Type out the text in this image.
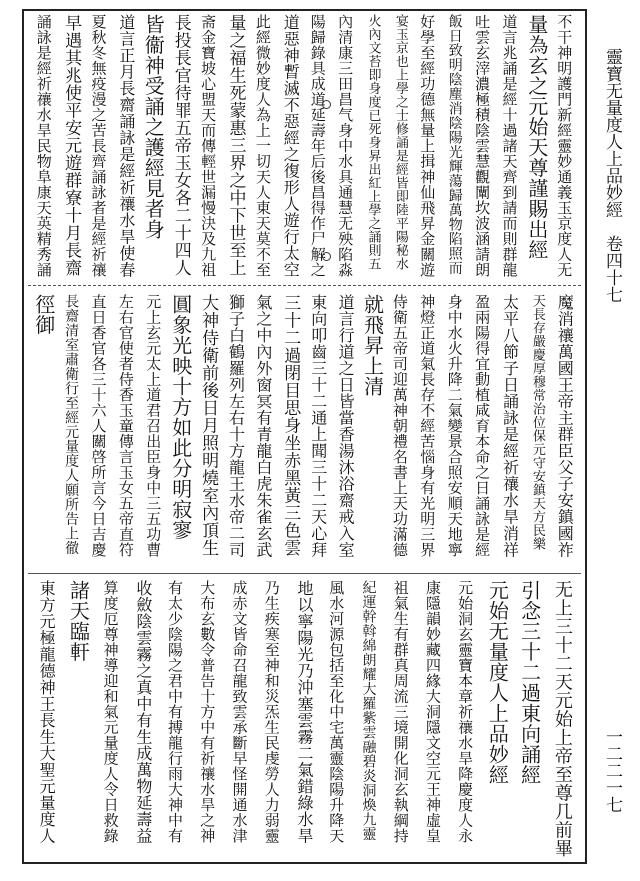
靈寶无量度人上品妙經　卷四十七
一二二一七
不干神明護門新經靈妙通義玉京度人无
量為玄之元始天尊謹賜出經
道言兆誦是經十過諸天齊到請而則群龍
吐雲玄滓濃極積陰雲慧觀闡坎波涵請朗
飯日致明陰塵消陰陽光輝蕩歸萬物陷照而
好學至經功德無量上揖神仙飛昇金關遊
宴玉京也上學之士修誦是經皆即陸平陽秘水
火內文苔即身度已死身昇出紅上學之誦則五
內清康三田昌气身中水具通慧无殃陷淼
陽歸錄具成道延壽年后後昌得作尸解之
道惡神暫滅不惡經之復形人遊行太空
此經微妙度人為上一切天人東天莫不至
量之福生死蒙惠三界之中下世至上
斋金寶坡心盟天而傳輕世漏慢決及九祖
長投長官待罪五帝玉女各二十四人
皆衞神受誦之護經見者身
道言正月長齋誦詠是經祈禳水旱使春
夏秋冬無疫漫之苦長齊誦詠者是經祈禳
早遇其兆使平安元遊群寮十月長齋
誦詠是經祈禳水旱民物阜康天英精秀誦
魔消禳萬國王帝主群臣父子安鎮國祚
天長存嚴慶厚穆常治位保元守安鎮天方民樂
太平八節子日誦詠是經祈禳水旱消祥
盈兩陽得宜動植咸育本命之日誦詠是經
身中水火升降二氣變景合照安順天地寧
神燈正道氣長存不經苦惱身有光明三界
侍衛五帝司迎萬神朝禮名書上天功滿德
就飛昇上清
道言行道之日皆當香湯沐浴齋戒入室
東向叩齒三十二通上聞三十二天心拜
三十二過閉目思身坐赤黑黃三色雲
氣之中內外窗冥有青龍白虎朱雀玄武
獅子白鶴羅列左右十方龍王水帝二司
大神侍衛前後日月照明燒室內頂生
圓象光映十方如此分明寂寥
元上玄元太上道君召出臣身中三五功曹
左右官使者侍香玉童傳言玉女五帝直符
直日香官各三十六人關啓所言今日吉慶
長齋清室肅衛行至經元量度人願所告上徹
徑御
无上三十二天元始上帝至尊几前畢
引念三十二過東向誦經
元始无量度人上品妙經
元始洞玄靈寶本章祈禳水旱降慶度人永
康隱韻妙藏四緣大洞隱文空元王神虛皇
祖氣生有群真周流三境開化洞玄執綱持
紀運幹斡綿朗耀大羅紫雲融碧炎洞煥九靈
風水河源包括至化中宅萬靈陰陽升降天
地以寧陽光乃沖塞雲霧二氣錯綠水旱
乃生疾寒至神和災炁生民虔勞人力弱靈
成赤文皆命召龍致雲承斷早怪開通水津
大布玄數令普告十方中有祈禳水旱之神
有太少陰陽之君中有搏龍行雨大神中有
收斂陰雲霧之真中有生成萬物延壽益
算度厄尊神導迎和氣元量度人令日救錄
諸天臨軒
東方元極龍德神王長生大聖元量度人
